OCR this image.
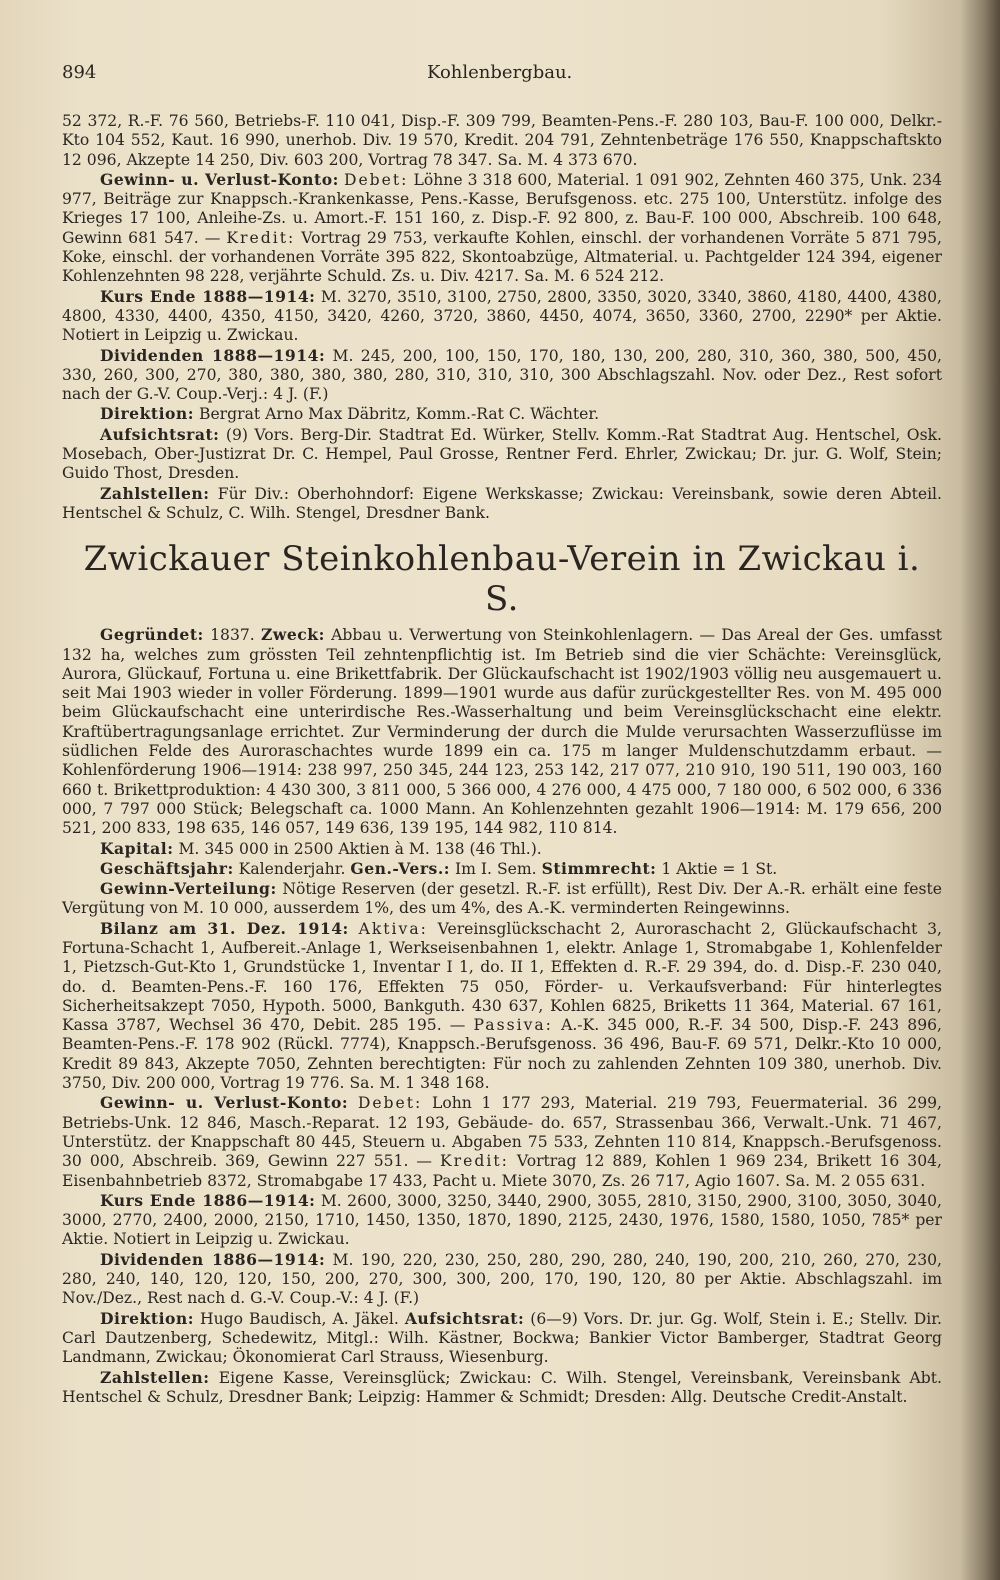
894	Kohlenbergbau.

52 372, R.-F. 76 560, Betriebs-F. 110 041, Disp.-F. 309 799, Beamten-Pens.-F. 280 103, Bau-F. 100 000, Delkr.-Kto 104 552, Kaut. 16 990, unerhob. Div. 19 570, Kredit. 204 791, Zehntenbeträge 176 550, Knappschaftskto 12 096, Akzepte 14 250, Div. 603 200, Vortrag 78 347. Sa. M. 4 373 670.

Gewinn- u. Verlust-Konto: Debet: Löhne 3 318 600, Material. 1 091 902, Zehnten 460 375, Unk. 234 977, Beiträge zur Knappsch.-Krankenkasse, Pens.-Kasse, Berufsgenoss. etc. 275 100, Unterstütz. infolge des Krieges 17 100, Anleihe-Zs. u. Amort.-F. 151 160, z. Disp.-F. 92 800, z. Bau-F. 100 000, Abschreib. 100 648, Gewinn 681 547. — Kredit: Vortrag 29 753, verkaufte Kohlen, einschl. der vorhandenen Vorräte 5 871 795, Koke, einschl. der vorhandenen Vorräte 395 822, Skontoabzüge, Altmaterial. u. Pachtgelder 124 394, eigener Kohlenzehnten 98 228, verjährte Schuld. Zs. u. Div. 4217. Sa. M. 6 524 212.

Kurs Ende 1888—1914: M. 3270, 3510, 3100, 2750, 2800, 3350, 3020, 3340, 3860, 4180, 4400, 4380, 4800, 4330, 4400, 4350, 4150, 3420, 4260, 3720, 3860, 4450, 4074, 3650, 3360, 2700, 2290* per Aktie. Notiert in Leipzig u. Zwickau.

Dividenden 1888—1914: M. 245, 200, 100, 150, 170, 180, 130, 200, 280, 310, 360, 380, 500, 450, 330, 260, 300, 270, 380, 380, 380, 380, 280, 310, 310, 310, 300 Abschlagszahl. Nov. oder Dez., Rest sofort nach der G.-V. Coup.-Verj.: 4 J. (F.)

Direktion: Bergrat Arno Max Däbritz, Komm.-Rat C. Wächter.

Aufsichtsrat: (9) Vors. Berg-Dir. Stadtrat Ed. Würker, Stellv. Komm.-Rat Stadtrat Aug. Hentschel, Osk. Mosebach, Ober-Justizrat Dr. C. Hempel, Paul Grosse, Rentner Ferd. Ehrler, Zwickau; Dr. jur. G. Wolf, Stein; Guido Thost, Dresden.

Zahlstellen: Für Div.: Oberhohndorf: Eigene Werkskasse; Zwickau: Vereinsbank, sowie deren Abteil. Hentschel & Schulz, C. Wilh. Stengel, Dresdner Bank.

Zwickauer Steinkohlenbau-Verein in Zwickau i. S.

Gegründet: 1837. Zweck: Abbau u. Verwertung von Steinkohlenlagern. — Das Areal der Ges. umfasst 132 ha, welches zum grössten Teil zehntenpflichtig ist. Im Betrieb sind die vier Schächte: Vereinsglück, Aurora, Glückauf, Fortuna u. eine Brikettfabrik. Der Glückaufschacht ist 1902/1903 völlig neu ausgemauert u. seit Mai 1903 wieder in voller Förderung. 1899—1901 wurde aus dafür zurückgestellter Res. von M. 495 000 beim Glückaufschacht eine unterirdische Res.-Wasserhaltung und beim Vereinsglückschacht eine elektr. Kraftübertragungsanlage errichtet. Zur Verminderung der durch die Mulde verursachten Wasserzuflüsse im südlichen Felde des Auroraschachtes wurde 1899 ein ca. 175 m langer Muldenschutzdamm erbaut. — Kohlenförderung 1906—1914: 238 997, 250 345, 244 123, 253 142, 217 077, 210 910, 190 511, 190 003, 160 660 t. Brikettproduktion: 4 430 300, 3 811 000, 5 366 000, 4 276 000, 4 475 000, 7 180 000, 6 502 000, 6 336 000, 7 797 000 Stück; Belegschaft ca. 1000 Mann. An Kohlenzehnten gezahlt 1906—1914: M. 179 656, 200 521, 200 833, 198 635, 146 057, 149 636, 139 195, 144 982, 110 814.

Kapital: M. 345 000 in 2500 Aktien à M. 138 (46 Thl.).

Geschäftsjahr: Kalenderjahr. Gen.-Vers.: Im I. Sem. Stimmrecht: 1 Aktie = 1 St.

Gewinn-Verteilung: Nötige Reserven (der gesetzl. R.-F. ist erfüllt), Rest Div. Der A.-R. erhält eine feste Vergütung von M. 10 000, ausserdem 1%, des um 4%, des A.-K. verminderten Reingewinns.

Bilanz am 31. Dez. 1914: Aktiva: Vereinsglückschacht 2, Auroraschacht 2, Glückaufschacht 3, Fortuna-Schacht 1, Aufbereit.-Anlage 1, Werkseisenbahnen 1, elektr. Anlage 1, Stromabgabe 1, Kohlenfelder 1, Pietzsch-Gut-Kto 1, Grundstücke 1, Inventar I 1, do. II 1, Effekten d. R.-F. 29 394, do. d. Disp.-F. 230 040, do. d. Beamten-Pens.-F. 160 176, Effekten 75 050, Förder- u. Verkaufsverband: Für hinterlegtes Sicherheitsakzept 7050, Hypoth. 5000, Bankguth. 430 637, Kohlen 6825, Briketts 11 364, Material. 67 161, Kassa 3787, Wechsel 36 470, Debit. 285 195. — Passiva: A.-K. 345 000, R.-F. 34 500, Disp.-F. 243 896, Beamten-Pens.-F. 178 902 (Rückl. 7774), Knappsch.-Berufsgenoss. 36 496, Bau-F. 69 571, Delkr.-Kto 10 000, Kredit 89 843, Akzepte 7050, Zehnten berechtigten: Für noch zu zahlenden Zehnten 109 380, unerhob. Div. 3750, Div. 200 000, Vortrag 19 776. Sa. M. 1 348 168.

Gewinn- u. Verlust-Konto: Debet: Lohn 1 177 293, Material. 219 793, Feuermaterial. 36 299, Betriebs-Unk. 12 846, Masch.-Reparat. 12 193, Gebäude- do. 657, Strassenbau 366, Verwalt.-Unk. 71 467, Unterstütz. der Knappschaft 80 445, Steuern u. Abgaben 75 533, Zehnten 110 814, Knappsch.-Berufsgenoss. 30 000, Abschreib. 369, Gewinn 227 551. — Kredit: Vortrag 12 889, Kohlen 1 969 234, Brikett 16 304, Eisenbahnbetrieb 8372, Stromabgabe 17 433, Pacht u. Miete 3070, Zs. 26 717, Agio 1607. Sa. M. 2 055 631.

Kurs Ende 1886—1914: M. 2600, 3000, 3250, 3440, 2900, 3055, 2810, 3150, 2900, 3100, 3050, 3040, 3000, 2770, 2400, 2000, 2150, 1710, 1450, 1350, 1870, 1890, 2125, 2430, 1976, 1580, 1580, 1050, 785* per Aktie. Notiert in Leipzig u. Zwickau.

Dividenden 1886—1914: M. 190, 220, 230, 250, 280, 290, 280, 240, 190, 200, 210, 260, 270, 230, 280, 240, 140, 120, 120, 150, 200, 270, 300, 300, 200, 170, 190, 120, 80 per Aktie. Abschlagszahl. im Nov./Dez., Rest nach d. G.-V. Coup.-V.: 4 J. (F.)

Direktion: Hugo Baudisch, A. Jäkel. Aufsichtsrat: (6—9) Vors. Dr. jur. Gg. Wolf, Stein i. E.; Stellv. Dir. Carl Dautzenberg, Schedewitz, Mitgl.: Wilh. Kästner, Bockwa; Bankier Victor Bamberger, Stadtrat Georg Landmann, Zwickau; Ökonomierat Carl Strauss, Wiesenburg.

Zahlstellen: Eigene Kasse, Vereinsglück; Zwickau: C. Wilh. Stengel, Vereinsbank, Vereinsbank Abt. Hentschel & Schulz, Dresdner Bank; Leipzig: Hammer & Schmidt; Dresden: Allg. Deutsche Credit-Anstalt.
